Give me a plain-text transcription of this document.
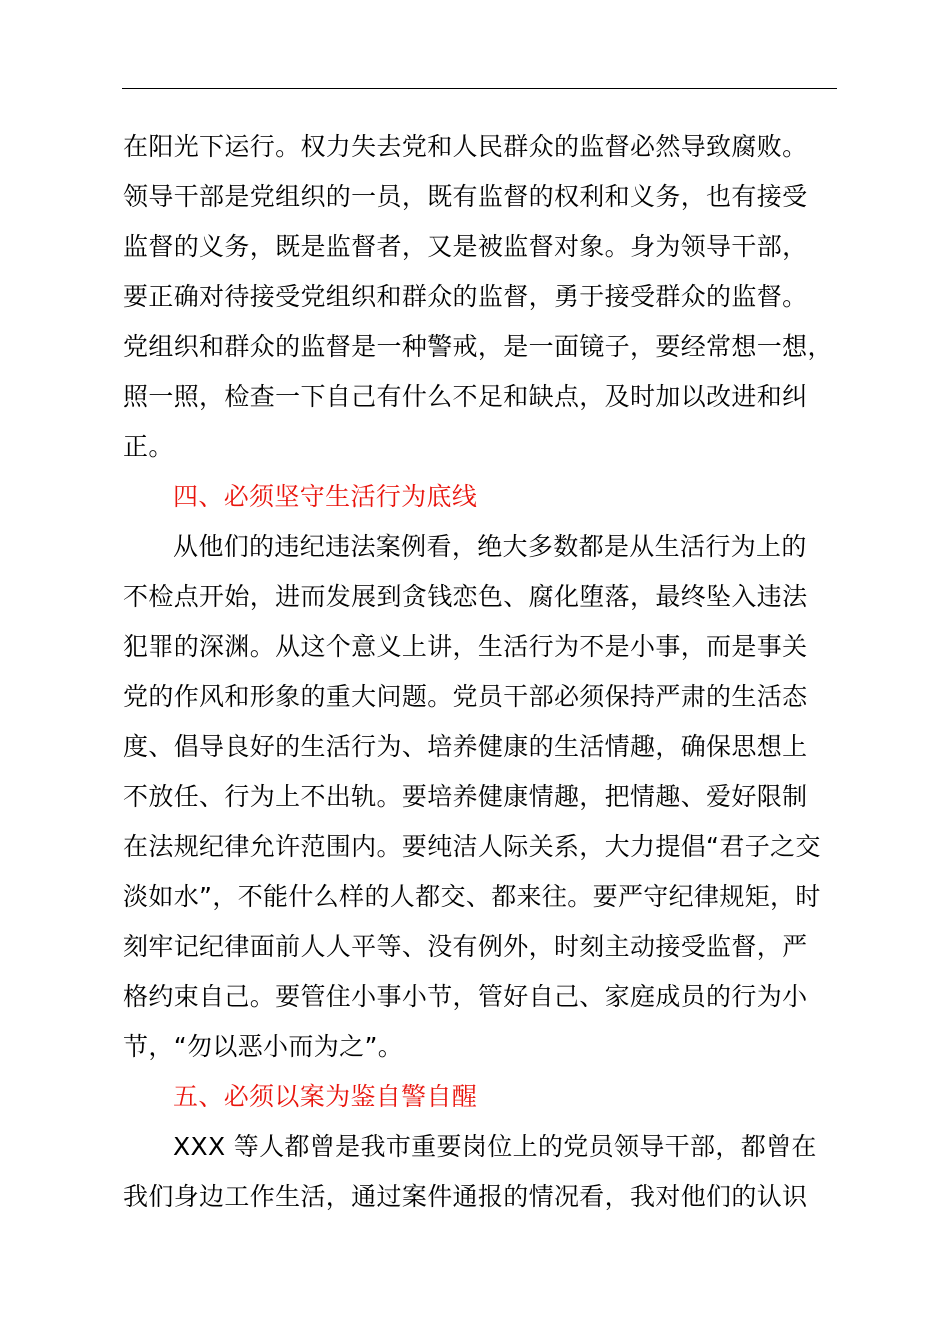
在阳光下运行。权力失去党和人民群众的监督必然导致腐败。
领导干部是党组织的一员，既有监督的权利和义务，也有接受
监督的义务，既是监督者，又是被监督对象。身为领导干部，
要正确对待接受党组织和群众的监督，勇于接受群众的监督。
党组织和群众的监督是一种警戒，是一面镜子，要经常想一想，
照一照，检查一下自己有什么不足和缺点，及时加以改进和纠
正。
四、必须坚守生活行为底线
从他们的违纪违法案例看，绝大多数都是从生活行为上的
不检点开始，进而发展到贪钱恋色、腐化堕落，最终坠入违法
犯罪的深渊。从这个意义上讲，生活行为不是小事，而是事关
党的作风和形象的重大问题。党员干部必须保持严肃的生活态
度、倡导良好的生活行为、培养健康的生活情趣，确保思想上
不放任、行为上不出轨。要培养健康情趣，把情趣、爱好限制
在法规纪律允许范围内。要纯洁人际关系，大力提倡“君子之交
淡如水”，不能什么样的人都交、都来往。要严守纪律规矩，时
刻牢记纪律面前人人平等、没有例外，时刻主动接受监督，严
格约束自己。要管住小事小节，管好自己、家庭成员的行为小
节，“勿以恶小而为之”。
五、必须以案为鉴自警自醒
XXX 等人都曾是我市重要岗位上的党员领导干部，都曾在
我们身边工作生活，通过案件通报的情况看，我对他们的认识
